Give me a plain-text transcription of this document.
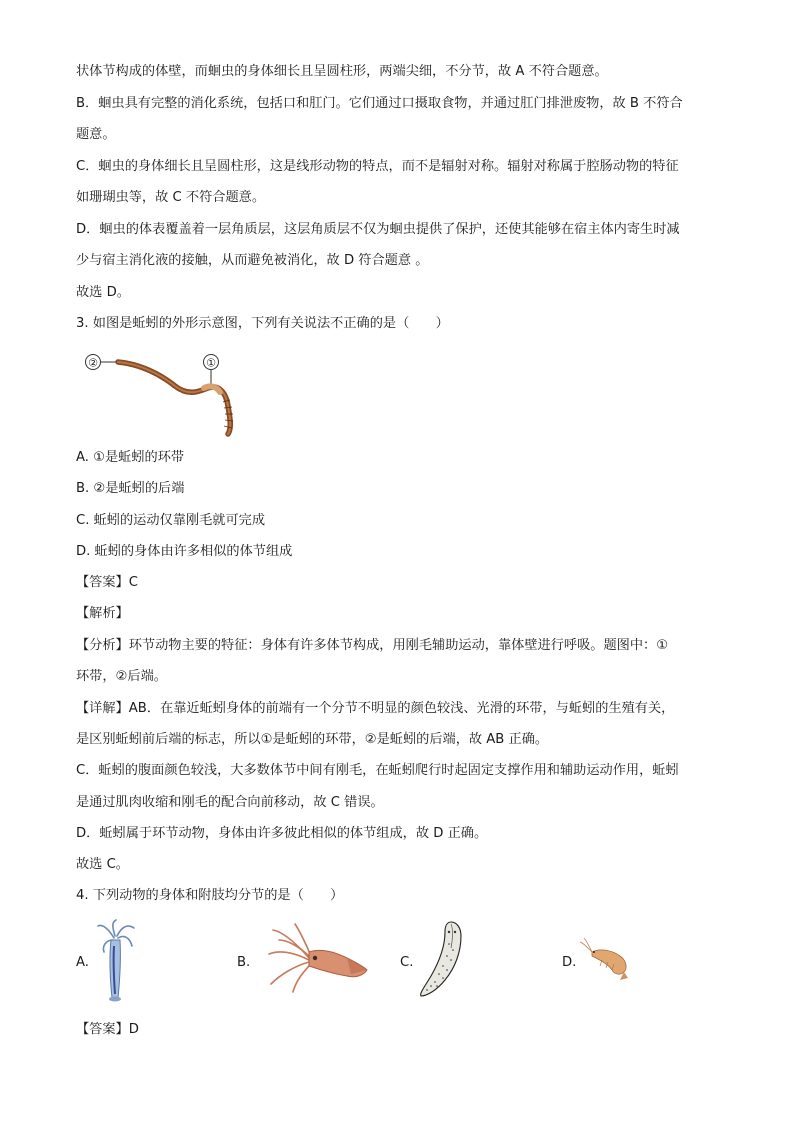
状体节构成的体壁，而蛔虫的身体细长且呈圆柱形，两端尖细，不分节，故 A 不符合题意。
B．蛔虫具有完整的消化系统，包括口和肛门。它们通过口摄取食物，并通过肛门排泄废物，故 B 不符合
题意。
C．蛔虫的身体细长且呈圆柱形，这是线形动物的特点，而不是辐射对称。辐射对称属于腔肠动物的特征
如珊瑚虫等，故 C 不符合题意。
D．蛔虫的体表覆盖着一层角质层，这层角质层不仅为蛔虫提供了保护，还使其能够在宿主体内寄生时减
少与宿主消化液的接触，从而避免被消化，故 D 符合题意 。
故选 D。
3. 如图是蚯蚓的外形示意图，下列有关说法不正确的是（　　）
②	①
A. ①是蚯蚓的环带
B. ②是蚯蚓的后端
C. 蚯蚓的运动仅靠刚毛就可完成
D. 蚯蚓的身体由许多相似的体节组成
【答案】C
【解析】
【分析】环节动物主要的特征：身体有许多体节构成，用刚毛辅助运动，靠体壁进行呼吸。题图中：①
环带，②后端。
【详解】AB．在靠近蚯蚓身体的前端有一个分节不明显的颜色较浅、光滑的环带，与蚯蚓的生殖有关，
是区别蚯蚓前后端的标志，所以①是蚯蚓的环带，②是蚯蚓的后端，故 AB 正确。
C．蚯蚓的腹面颜色较浅，大多数体节中间有刚毛，在蚯蚓爬行时起固定支撑作用和辅助运动作用，蚯蚓
是通过肌肉收缩和刚毛的配合向前移动，故 C 错误。
D．蚯蚓属于环节动物，身体由许多彼此相似的体节组成，故 D 正确。
故选 C。
4. 下列动物的身体和附肢均分节的是（　　）
A.	B.	C.	D.
【答案】D
